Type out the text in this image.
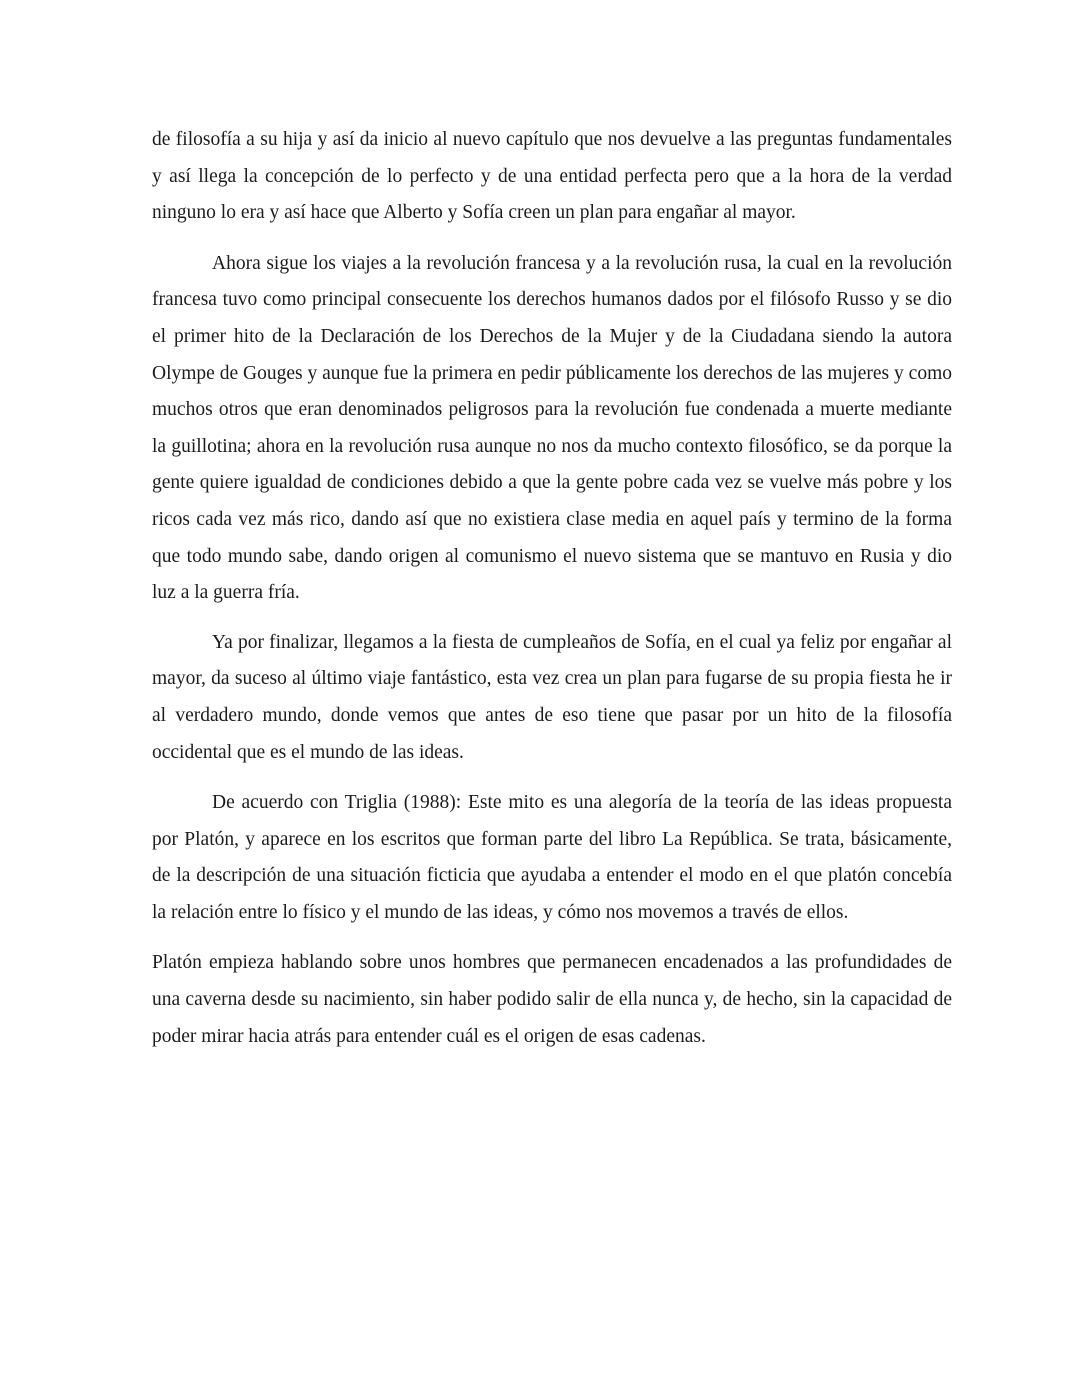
de filosofía a su hija y así da inicio al nuevo capítulo que nos devuelve a las preguntas fundamentales y así llega la concepción de lo perfecto y de una entidad perfecta pero que a la hora de la verdad ninguno lo era y así hace que Alberto y Sofía creen un plan para engañar al mayor.

Ahora sigue los viajes a la revolución francesa y a la revolución rusa, la cual en la revolución francesa tuvo como principal consecuente los derechos humanos dados por el filósofo Russo y se dio el primer hito de la Declaración de los Derechos de la Mujer y de la Ciudadana siendo la autora Olympe de Gouges y aunque fue la primera en pedir públicamente los derechos de las mujeres y como muchos otros que eran denominados peligrosos para la revolución fue condenada a muerte mediante la guillotina; ahora en la revolución rusa aunque no nos da mucho contexto filosófico, se da porque la gente quiere igualdad de condiciones debido a que la gente pobre cada vez se vuelve más pobre y los ricos cada vez más rico, dando así que no existiera clase media en aquel país y termino de la forma que todo mundo sabe, dando origen al comunismo el nuevo sistema que se mantuvo en Rusia y dio luz a la guerra fría.

Ya por finalizar, llegamos a la fiesta de cumpleaños de Sofía, en el cual ya feliz por engañar al mayor, da suceso al último viaje fantástico, esta vez crea un plan para fugarse de su propia fiesta he ir al verdadero mundo, donde vemos que antes de eso tiene que pasar por un hito de la filosofía occidental que es el mundo de las ideas.

De acuerdo con Triglia (1988): Este mito es una alegoría de la teoría de las ideas propuesta por Platón, y aparece en los escritos que forman parte del libro La República. Se trata, básicamente, de la descripción de una situación ficticia que ayudaba a entender el modo en el que platón concebía la relación entre lo físico y el mundo de las ideas, y cómo nos movemos a través de ellos.

Platón empieza hablando sobre unos hombres que permanecen encadenados a las profundidades de una caverna desde su nacimiento, sin haber podido salir de ella nunca y, de hecho, sin la capacidad de poder mirar hacia atrás para entender cuál es el origen de esas cadenas.
